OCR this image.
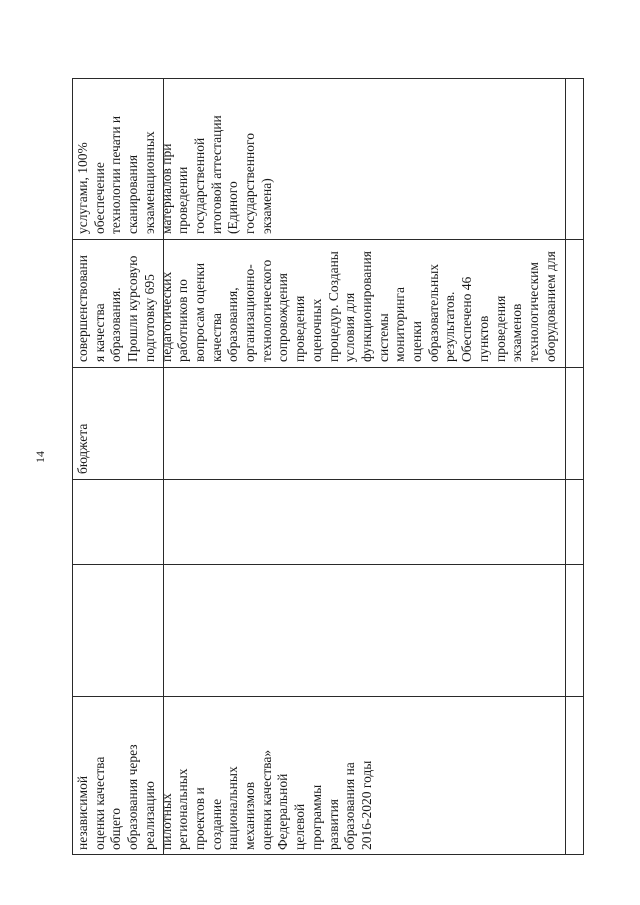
14
независимой оценки качества общего образования через реализацию пилотных региональных проектов и создание национальных механизмов оценки качества» Федеральной целевой программы развития образования на 2016-2020 годы
бюджета
совершенствовани я качества образования. Прошли курсовую подготовку 695 педагогических работников по вопросам оценки качества образования, организационно- технологического сопровождения проведения оценочных процедур. Созданы условия для функционирования системы мониторинга оценки образовательных результатов. Обеспечено 46 пунктов проведения экзаменов технологическим оборудованием для
услугами, 100% обеспечение технологии печати и сканирования экзаменационных материалов при проведении государственной итоговой аттестации (Единого государственного экзамена)
